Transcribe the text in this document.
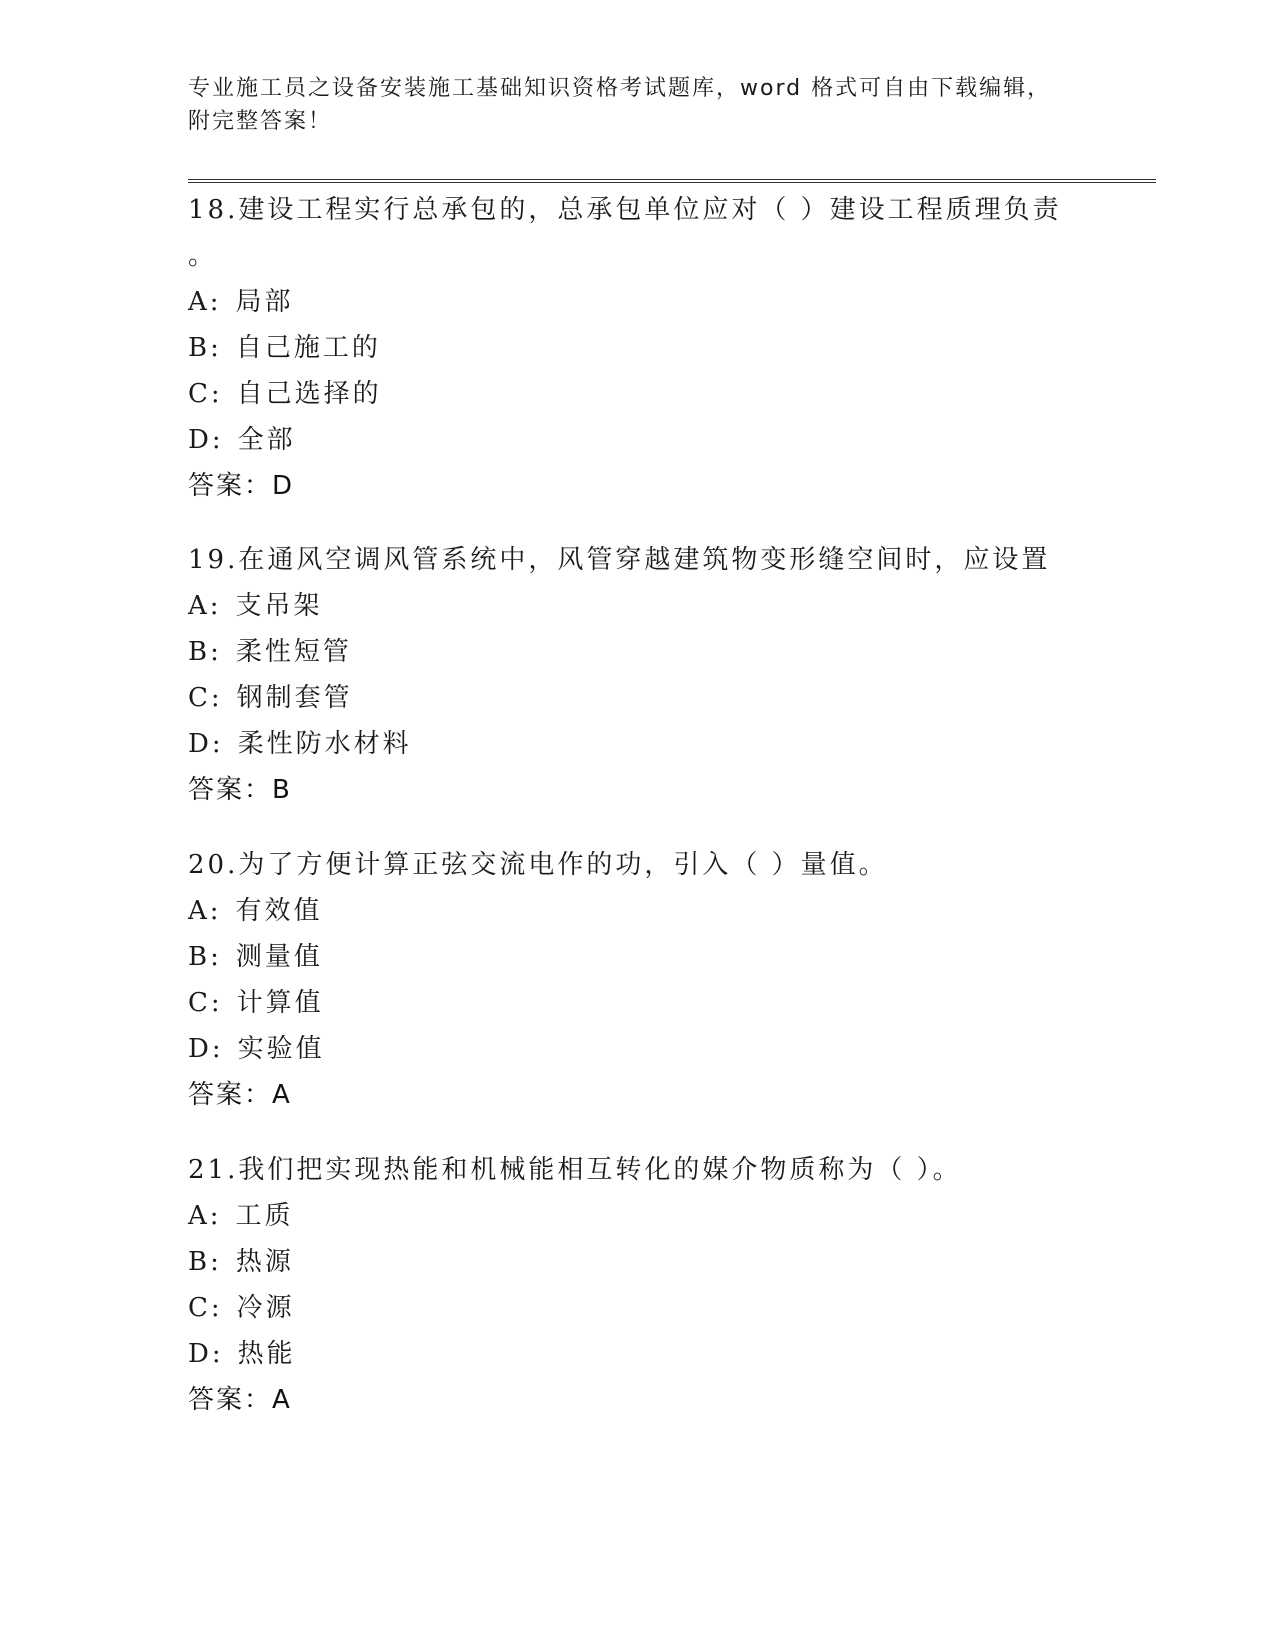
专业施工员之设备安装施工基础知识资格考试题库，word 格式可自由下载编辑，
附完整答案！
18.建设工程实行总承包的，总承包单位应对（ ）建设工程质理负责
。
A: 局部
B: 自己施工的
C: 自己选择的
D: 全部
答案：D
19.在通风空调风管系统中，风管穿越建筑物变形缝空间时，应设置
A: 支吊架
B: 柔性短管
C: 钢制套管
D: 柔性防水材料
答案：B
20.为了方便计算正弦交流电作的功，引入（ ）量值。
A: 有效值
B: 测量值
C: 计算值
D: 实验值
答案：A
21.我们把实现热能和机械能相互转化的媒介物质称为（ ）。
A: 工质
B: 热源
C: 冷源
D: 热能
答案：A
